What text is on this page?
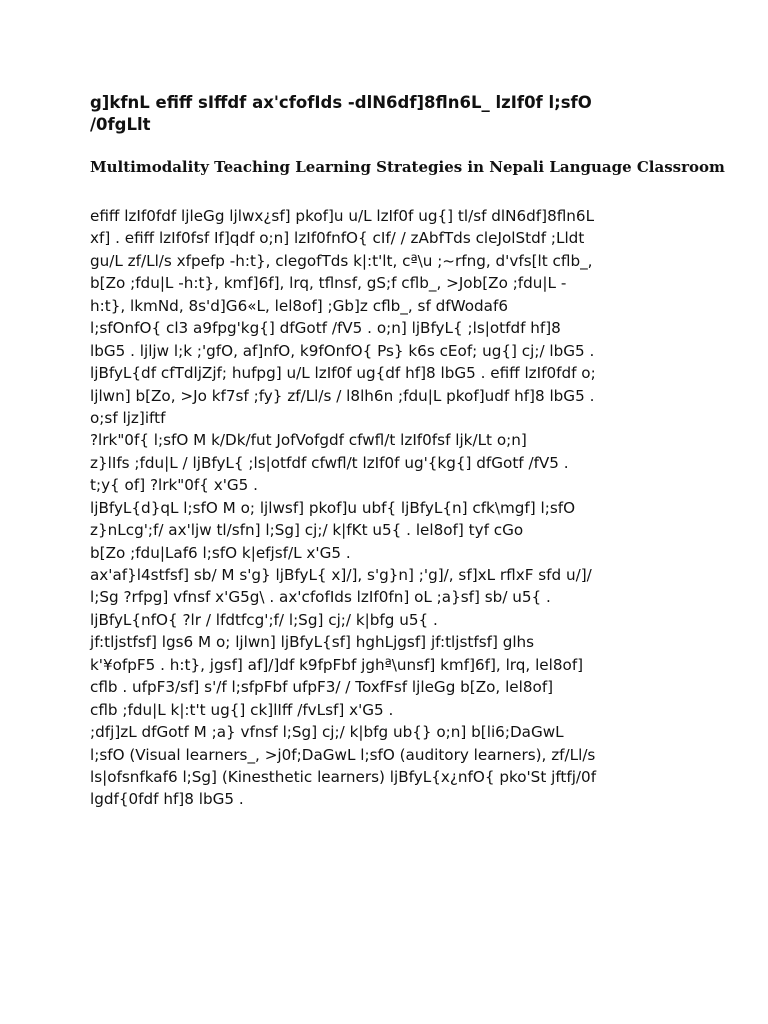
g]kfnL efiff sIffdf ax'cfofIds -dlN6df]8fln6L_ lzIf0f l;sfO
/0fgLlt
Multimodality Teaching Learning Strategies in Nepali Language Classroom
efiff lzIf0fdf ljleGg ljlwx¿sf] pkof]u u/L lzIf0f ug{] tl/sf dlN6df]8fln6L
xf] . efiff lzIf0fsf If]qdf o;n] lzIf0fnfO{ cIf/ / zAbfTds cleJolStdf ;Lldt
gu/L zf/Ll/s xfpefp -h:t}, clegofTds k|:t'lt, cª\u ;~rfng, d'vfs[lt cflb_,
b[Zo ;fdu|L -h:t}, kmf]6f], lrq, tflnsf, gS;f cflb_, >Job[Zo ;fdu|L -
h:t}, lkmNd, 8s'd]G6«L, lel8of] ;Gb]z cflb_, sf dfWodaf6
l;sfOnfO{ cl3 a9fpg'kg{] dfGotf /fV5 . o;n] ljBfyL{ ;ls|otfdf hf]8
lbG5 . ljljw l;k ;'gfO, af]nfO, k9fOnfO{ Ps} k6s cEof; ug{] cj;/ lbG5 .
ljBfyL{df cfTdljZjf; hufpg] u/L lzIf0f ug{df hf]8 lbG5 . efiff lzIf0fdf o;
ljlwn] b[Zo, >Jo kf7sf ;fy} zf/Ll/s / l8lh6n ;fdu|L pkof]udf hf]8 lbG5 .
o;sf ljz]iftf
?lrk"0f{ l;sfO M k/Dk/fut JofVofgdf cfwfl/t lzIf0fsf ljk/Lt o;n]
z}lIfs ;fdu|L / ljBfyL{ ;ls|otfdf cfwfl/t lzIf0f ug'{kg{] dfGotf /fV5 .
t;y{ of] ?lrk"0f{ x'G5 .
ljBfyL{d}qL l;sfO M o; ljlwsf] pkof]u ubf{ ljBfyL{n] cfk\mgf] l;sfO
z}nLcg';f/ ax'ljw tl/sfn] l;Sg] cj;/ k|fKt u5{ . lel8of] tyf cGo
b[Zo ;fdu|Laf6 l;sfO k|efjsf/L x'G5 .
ax'af}l4stfsf] sb/ M s'g} ljBfyL{ x]/], s'g}n] ;'g]/, sf]xL rflxF sfd u/]/
l;Sg ?rfpg] vfnsf x'G5g\ . ax'cfofIds lzIf0fn] oL ;a}sf] sb/ u5{ .
ljBfyL{nfO{ ?lr / lfdtfcg';f/ l;Sg] cj;/ k|bfg u5{ .
jf:tljstfsf] lgs6 M o; ljlwn] ljBfyL{sf] hghLjgsf] jf:tljstfsf] glhs
k'¥ofpF5 . h:t}, jgsf] af]/]df k9fpFbf jghª\unsf] kmf]6f], lrq, lel8of]
cflb . ufpF3/sf] s'/f l;sfpFbf ufpF3/ / ToxfFsf ljleGg b[Zo, lel8of]
cflb ;fdu|L k|:t't ug{] ck]lIff /fvLsf] x'G5 .
;dfj]zL dfGotf M ;a} vfnsf l;Sg] cj;/ k|bfg ub{} o;n] b[li6;DaGwL
l;sfO (Visual learners_, >j0f;DaGwL l;sfO (auditory learners), zf/Ll/s
ls|ofsnfkaf6 l;Sg] (Kinesthetic learners) ljBfyL{x¿nfO{ pko'St jftfj/0f
lgdf{0fdf hf]8 lbG5 .
